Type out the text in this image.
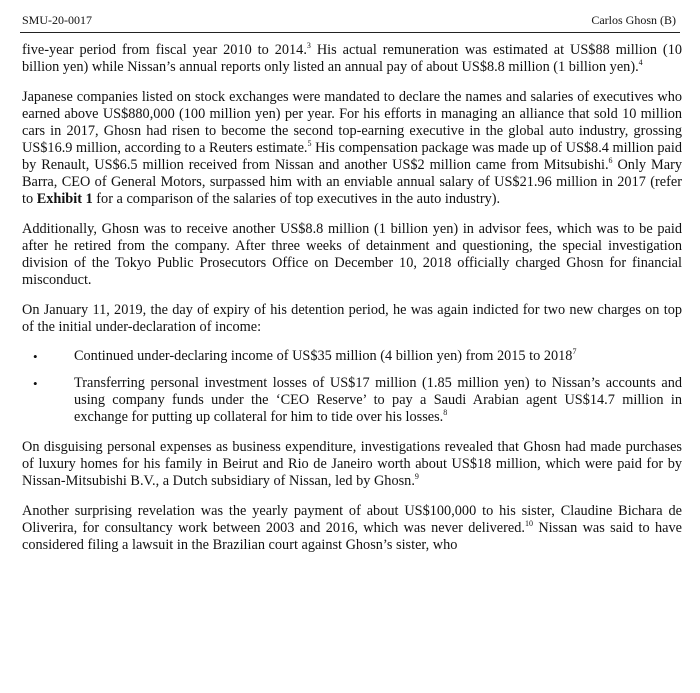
SMU-20-0017	Carlos Ghosn (B)

five-year period from fiscal year 2010 to 2014.$^3$ His actual remuneration was estimated at US$88 million (10 billion yen) while Nissan’s annual reports only listed an annual pay of about US$8.8 million (1 billion yen).$^4$

Japanese companies listed on stock exchanges were mandated to declare the names and salaries of executives who earned above US$880,000 (100 million yen) per year. For his efforts in managing an alliance that sold 10 million cars in 2017, Ghosn had risen to become the second top-earning executive in the global auto industry, grossing US$16.9 million, according to a Reuters estimate.$^5$ His compensation package was made up of US$8.4 million paid by Renault, US$6.5 million received from Nissan and another US$2 million came from Mitsubishi.$^6$ Only Mary Barra, CEO of General Motors, surpassed him with an enviable annual salary of US$21.96 million in 2017 (refer to Exhibit 1 for a comparison of the salaries of top executives in the auto industry).

Additionally, Ghosn was to receive another US$8.8 million (1 billion yen) in advisor fees, which was to be paid after he retired from the company. After three weeks of detainment and questioning, the special investigation division of the Tokyo Public Prosecutors Office on December 10, 2018 officially charged Ghosn for financial misconduct.

On January 11, 2019, the day of expiry of his detention period, he was again indicted for two new charges on top of the initial under-declaration of income:

•	Continued under-declaring income of US$35 million (4 billion yen) from 2015 to 2018$^7$
•	Transferring personal investment losses of US$17 million (1.85 million yen) to Nissan’s accounts and using company funds under the ‘CEO Reserve’ to pay a Saudi Arabian agent US$14.7 million in exchange for putting up collateral for him to tide over his losses.$^8$

On disguising personal expenses as business expenditure, investigations revealed that Ghosn had made purchases of luxury homes for his family in Beirut and Rio de Janeiro worth about US$18 million, which were paid for by Nissan-Mitsubishi B.V., a Dutch subsidiary of Nissan, led by Ghosn.$^9$

Another surprising revelation was the yearly payment of about US$100,000 to his sister, Claudine Bichara de Oliverira, for consultancy work between 2003 and 2016, which was never delivered.$^{10}$ Nissan was said to have considered filing a lawsuit in the Brazilian court against Ghosn’s sister, who
